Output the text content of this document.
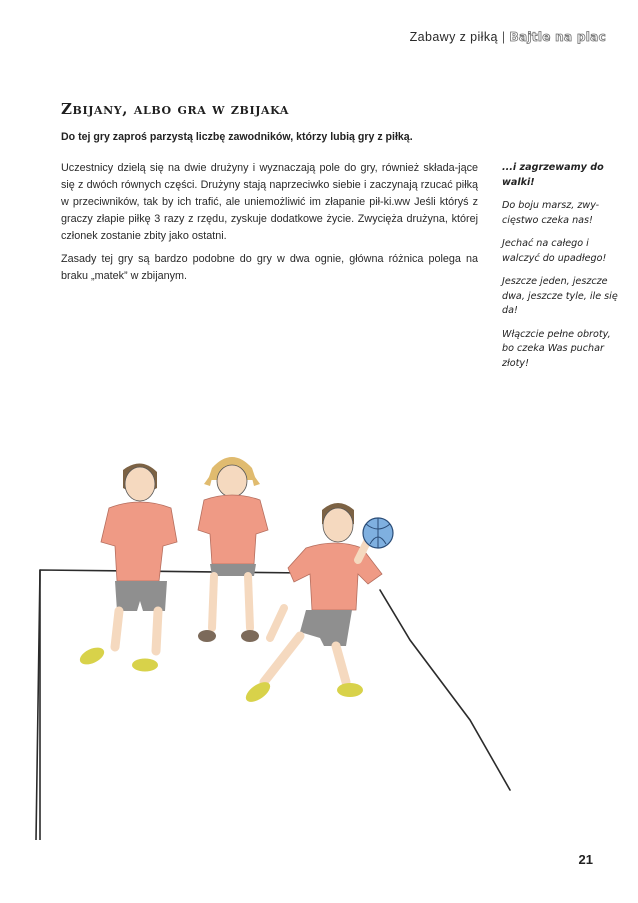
Zabawy z piłką | Bajtle na plac
Zbijany, albo gra w zbijaka

Do tej gry zaproś parzystą liczbę zawodników, którzy lubią gry z piłką.

Uczestnicy dzielą się na dwie drużyny i wyznaczają pole do gry, również składa-jące się z dwóch równych części. Drużyny stają naprzeciwko siebie i zaczynają rzucać piłką w przeciwników, tak by ich trafić, ale uniemożliwić im złapanie pił-ki.ww Jeśli któryś z graczy złapie piłkę 3 razy z rzędu, zyskuje dodatkowe życie. Zwycięża drużyna, której członek zostanie zbity jako ostatni.

Zasady tej gry są bardzo podobne do gry w dwa ognie, główna różnica polega na braku „matek” w zbijanym.

...i zagrzewamy do walki!

Do boju marsz, zwy-cięstwo czeka nas!

Jechać na całego i walczyć do upadłego!

Jeszcze jeden, jeszcze dwa, jeszcze tyle, ile się da!

Włączcie pełne obroty, bo czeka Was puchar złoty!

21
